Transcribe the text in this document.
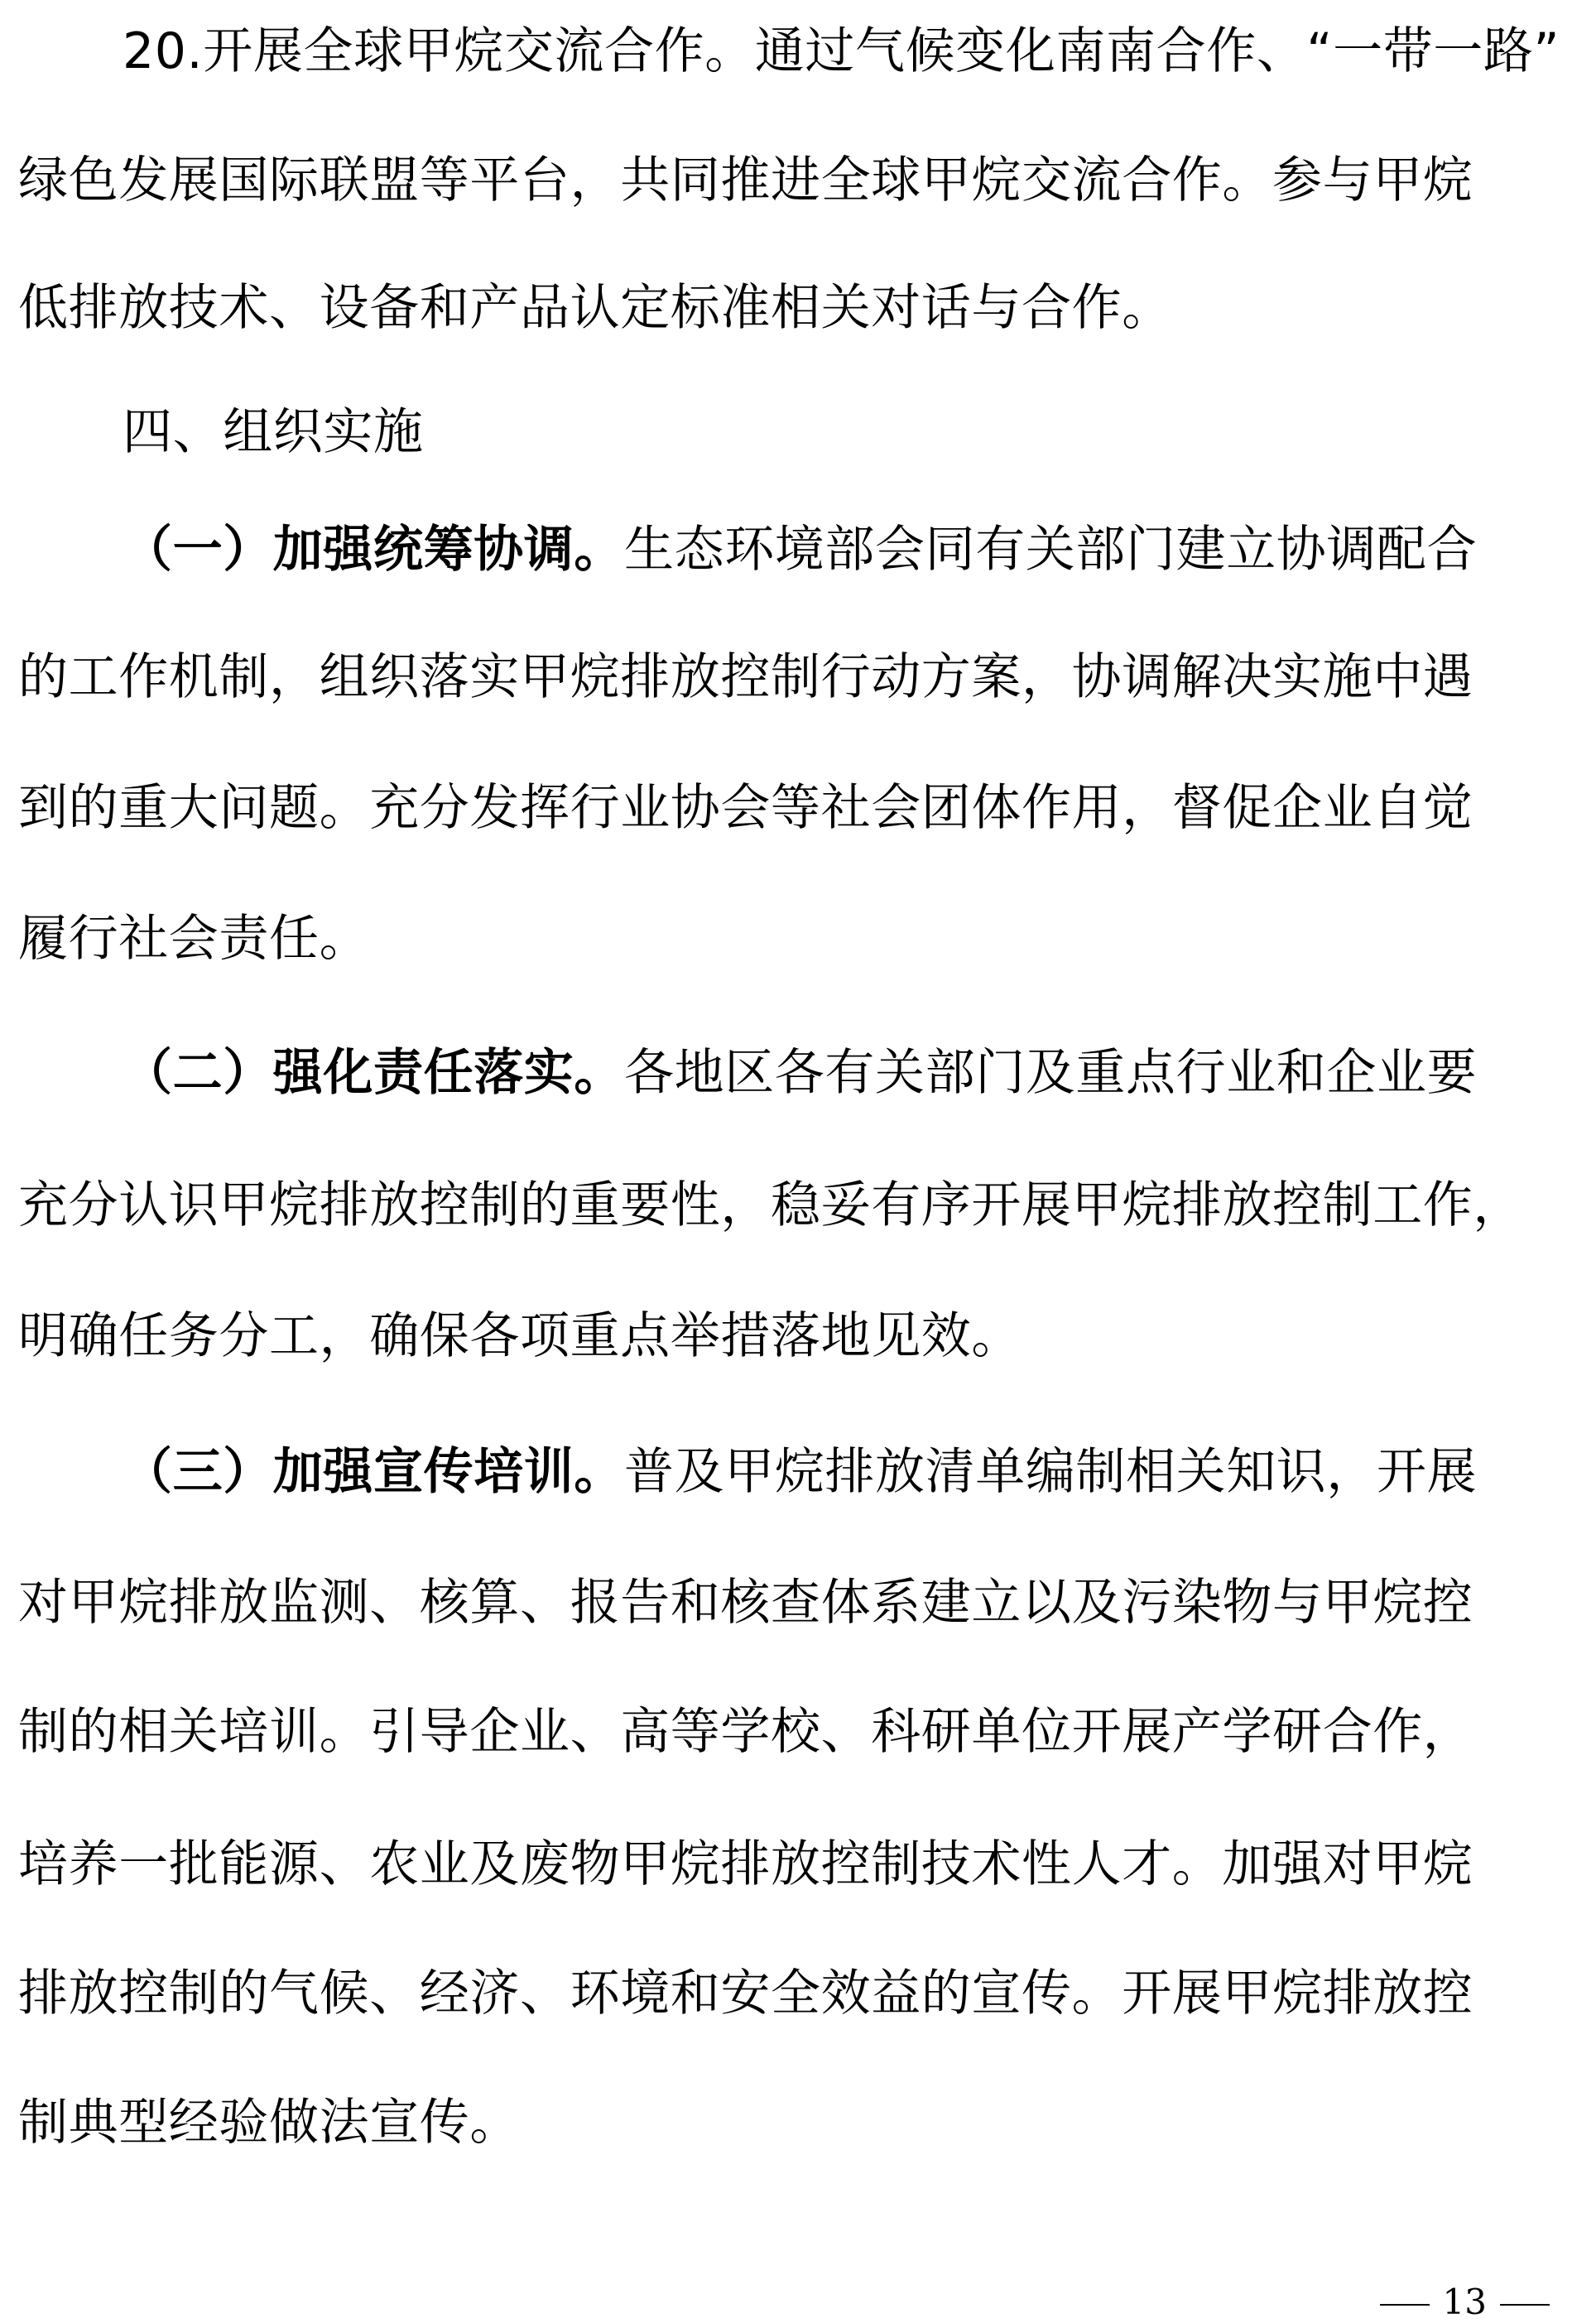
20.开展全球甲烷交流合作。通过气候变化南南合作、“一带一路”
绿色发展国际联盟等平台，共同推进全球甲烷交流合作。参与甲烷
低排放技术、设备和产品认定标准相关对话与合作。
四、组织实施
（一）加强统筹协调。生态环境部会同有关部门建立协调配合
的工作机制，组织落实甲烷排放控制行动方案，协调解决实施中遇
到的重大问题。充分发挥行业协会等社会团体作用，督促企业自觉
履行社会责任。
（二）强化责任落实。各地区各有关部门及重点行业和企业要
充分认识甲烷排放控制的重要性，稳妥有序开展甲烷排放控制工作，
明确任务分工，确保各项重点举措落地见效。
（三）加强宣传培训。普及甲烷排放清单编制相关知识，开展
对甲烷排放监测、核算、报告和核查体系建立以及污染物与甲烷控
制的相关培训。引导企业、高等学校、科研单位开展产学研合作，
培养一批能源、农业及废物甲烷排放控制技术性人才。加强对甲烷
排放控制的气候、经济、环境和安全效益的宣传。开展甲烷排放控
制典型经验做法宣传。
13
